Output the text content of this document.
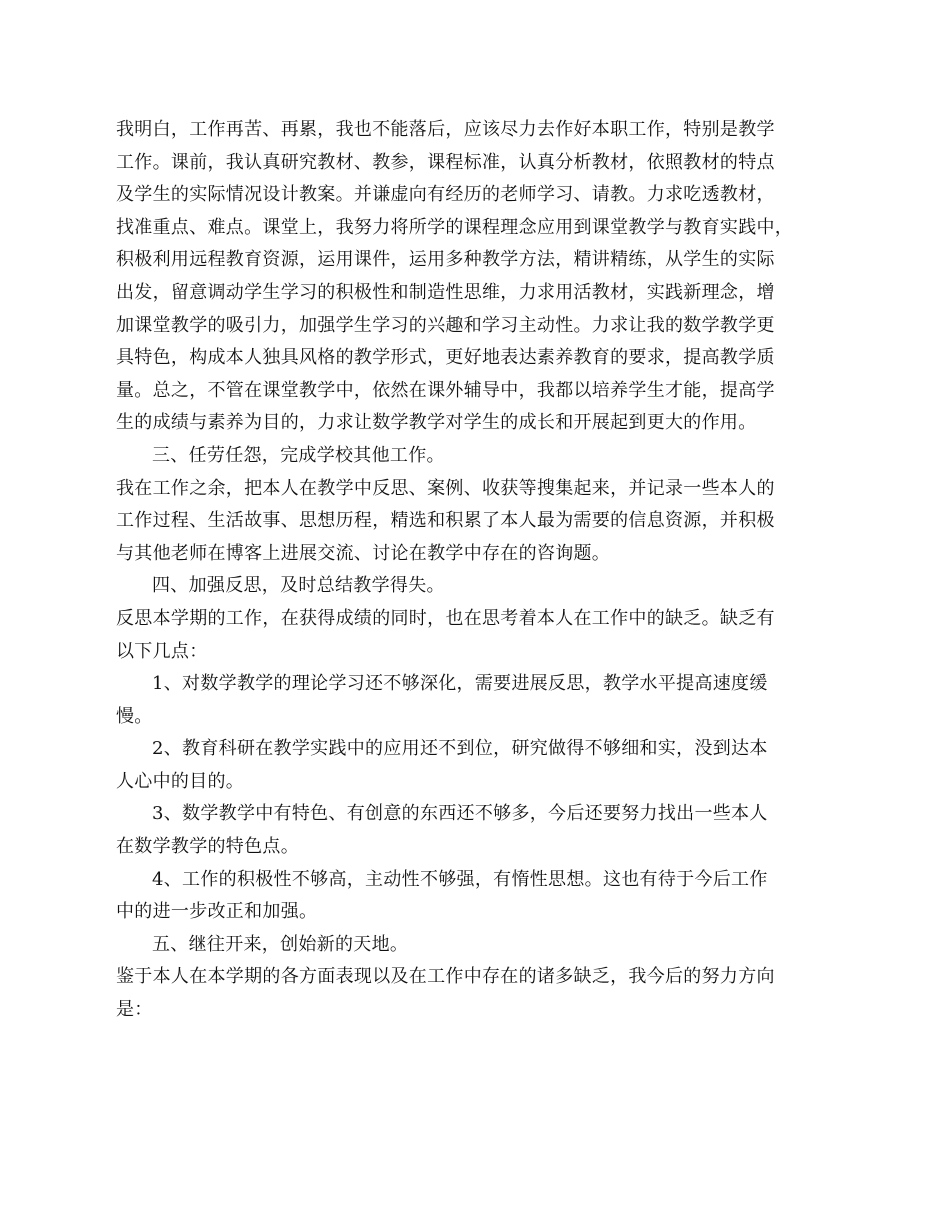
我明白，工作再苦、再累，我也不能落后，应该尽力去作好本职工作，特别是教学
工作。课前，我认真研究教材、教参，课程标准，认真分析教材，依照教材的特点
及学生的实际情况设计教案。并谦虚向有经历的老师学习、请教。力求吃透教材，
找准重点、难点。课堂上，我努力将所学的课程理念应用到课堂教学与教育实践中，
积极利用远程教育资源，运用课件，运用多种教学方法，精讲精练，从学生的实际
出发，留意调动学生学习的积极性和制造性思维，力求用活教材，实践新理念，增
加课堂教学的吸引力，加强学生学习的兴趣和学习主动性。力求让我的数学教学更
具特色，构成本人独具风格的教学形式，更好地表达素养教育的要求，提高教学质
量。总之，不管在课堂教学中，依然在课外辅导中，我都以培养学生才能，提高学
生的成绩与素养为目的，力求让数学教学对学生的成长和开展起到更大的作用。
三、任劳任怨，完成学校其他工作。
我在工作之余，把本人在教学中反思、案例、收获等搜集起来，并记录一些本人的
工作过程、生活故事、思想历程，精选和积累了本人最为需要的信息资源，并积极
与其他老师在博客上进展交流、讨论在教学中存在的咨询题。
四、加强反思，及时总结教学得失。
反思本学期的工作，在获得成绩的同时，也在思考着本人在工作中的缺乏。缺乏有
以下几点：
1、对数学教学的理论学习还不够深化，需要进展反思，教学水平提高速度缓
慢。
2、教育科研在教学实践中的应用还不到位，研究做得不够细和实，没到达本
人心中的目的。
3、数学教学中有特色、有创意的东西还不够多，今后还要努力找出一些本人
在数学教学的特色点。
4、工作的积极性不够高，主动性不够强，有惰性思想。这也有待于今后工作
中的进一步改正和加强。
五、继往开来，创始新的天地。
鉴于本人在本学期的各方面表现以及在工作中存在的诸多缺乏，我今后的努力方向
是：
